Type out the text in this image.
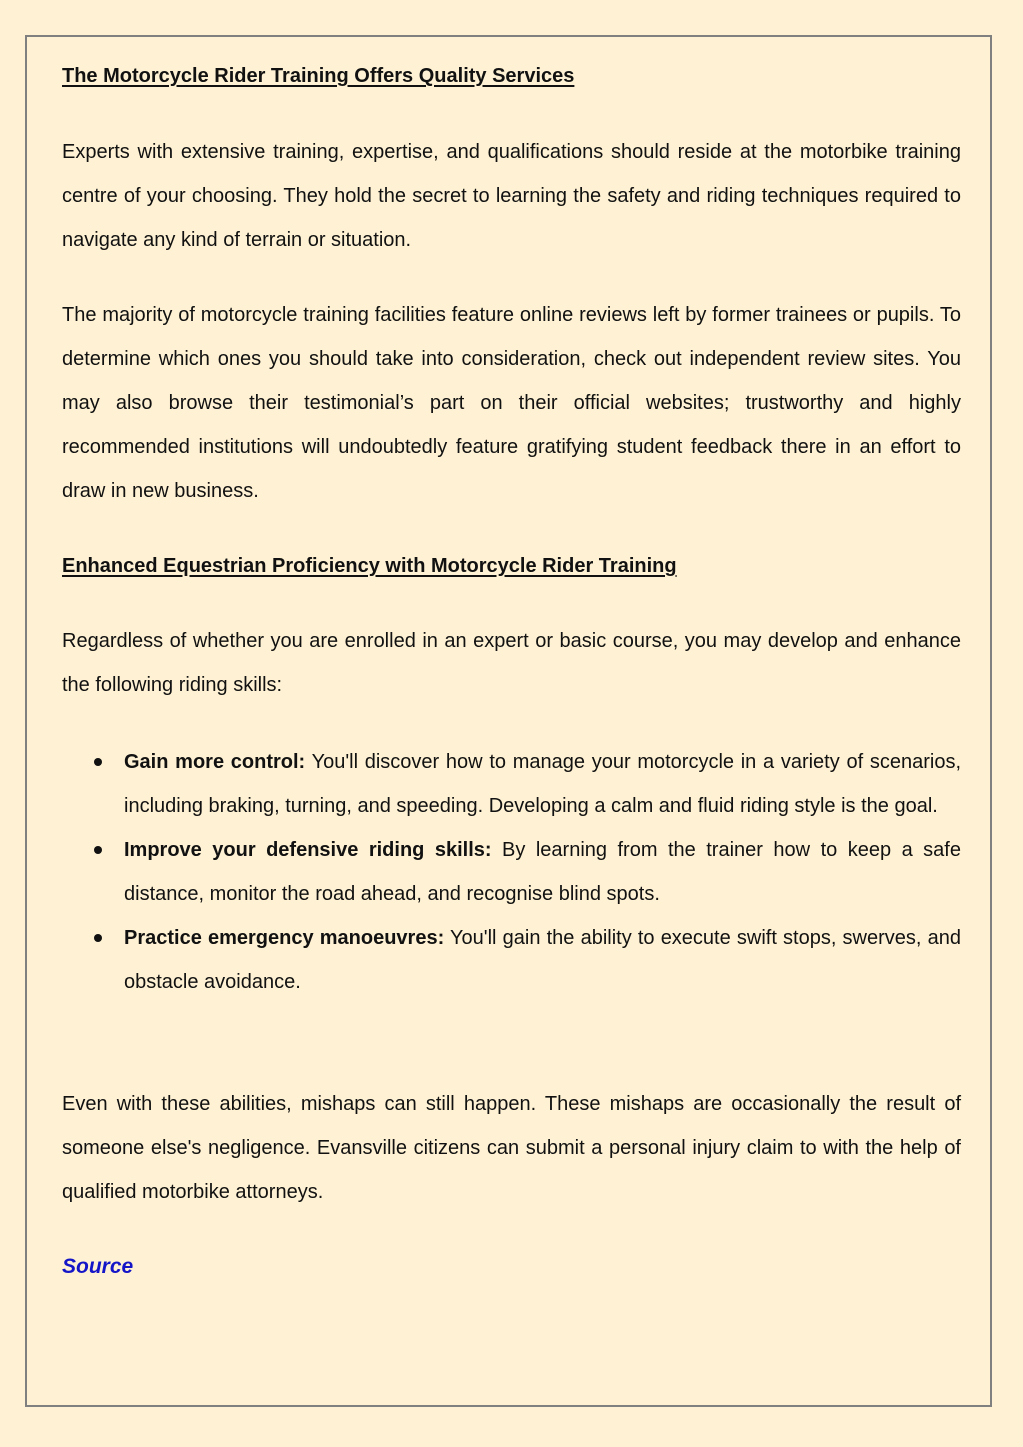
The Motorcycle Rider Training Offers Quality Services

Experts with extensive training, expertise, and qualifications should reside at the motorbike training centre of your choosing. They hold the secret to learning the safety and riding techniques required to navigate any kind of terrain or situation.

The majority of motorcycle training facilities feature online reviews left by former trainees or pupils. To determine which ones you should take into consideration, check out independent review sites. You may also browse their testimonial’s part on their official websites; trustworthy and highly recommended institutions will undoubtedly feature gratifying student feedback there in an effort to draw in new business.

Enhanced Equestrian Proficiency with Motorcycle Rider Training

Regardless of whether you are enrolled in an expert or basic course, you may develop and enhance the following riding skills:

Gain more control: You'll discover how to manage your motorcycle in a variety of scenarios, including braking, turning, and speeding. Developing a calm and fluid riding style is the goal.
Improve your defensive riding skills: By learning from the trainer how to keep a safe distance, monitor the road ahead, and recognise blind spots.
Practice emergency manoeuvres: You'll gain the ability to execute swift stops, swerves, and obstacle avoidance.

Even with these abilities, mishaps can still happen. These mishaps are occasionally the result of someone else's negligence. Evansville citizens can submit a personal injury claim to with the help of qualified motorbike attorneys.

Source
